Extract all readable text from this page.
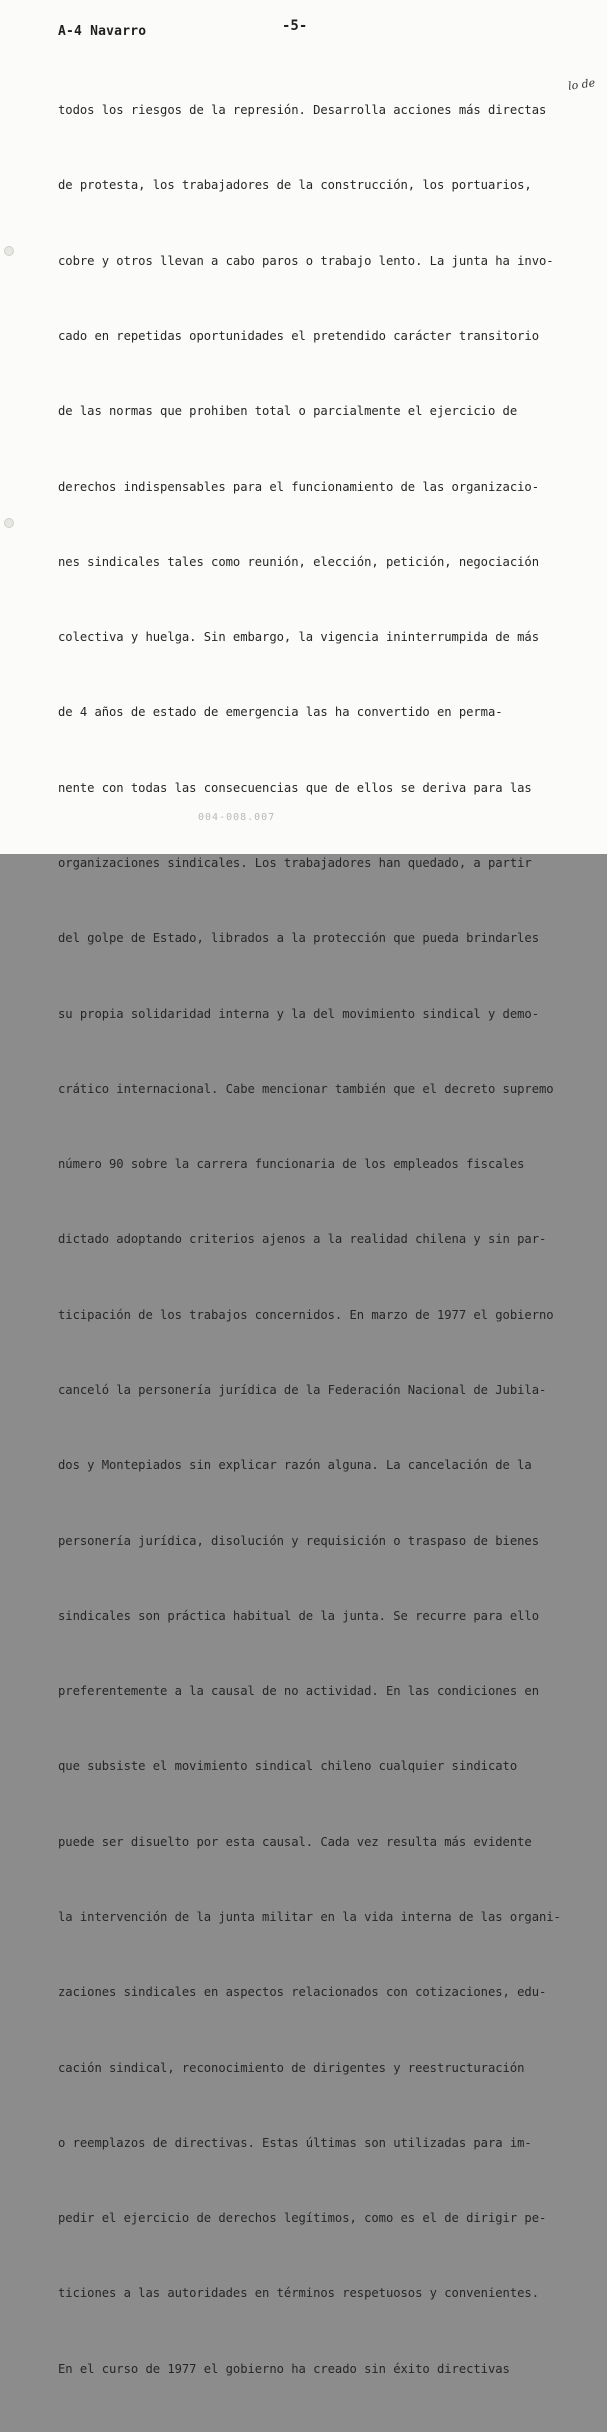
A-4 Navarro	-5-
lo de

todos los riesgos de la represión. Desarrolla acciones más directas

de protesta, los trabajadores de la construcción, los portuarios,

cobre y otros llevan a cabo paros o trabajo lento. La junta ha invo-

cado en repetidas oportunidades el pretendido carácter transitorio

de las normas que prohiben total o parcialmente el ejercicio de

derechos indispensables para el funcionamiento de las organizacio-

nes sindicales tales como reunión, elección, petición, negociación

colectiva y huelga. Sin embargo, la vigencia ininterrumpida de más

de 4 años de estado de emergencia las ha convertido en perma-

nente con todas las consecuencias que de ellos se deriva para las

organizaciones sindicales. Los trabajadores han quedado, a partir

del golpe de Estado, librados a la protección que pueda brindarles

su propia solidaridad interna y la del movimiento sindical y demo-

crático internacional. Cabe mencionar también que el decreto supremo

número 90 sobre la carrera funcionaria de los empleados fiscales

dictado adoptando criterios ajenos a la realidad chilena y sin par-

ticipación de los trabajos concernidos. En marzo de 1977 el gobierno

canceló la personería jurídica de la Federación Nacional de Jubila-

dos y Montepiados sin explicar razón alguna. La cancelación de la

personería jurídica, disolución y requisición o traspaso de bienes

sindicales son práctica habitual de la junta. Se recurre para ello

preferentemente a la causal de no actividad. En las condiciones en

que subsiste el movimiento sindical chileno cualquier sindicato

puede ser disuelto por esta causal. Cada vez resulta más evidente

la intervención de la junta militar en la vida interna de las organi-

zaciones sindicales en aspectos relacionados con cotizaciones, edu-

cación sindical, reconocimiento de dirigentes y reestructuración

o reemplazos de directivas. Estas últimas son utilizadas para im-

pedir el ejercicio de derechos legítimos, como es el de dirigir pe-

ticiones a las autoridades en términos respetuosos y convenientes.

En el curso de 1977 el gobierno ha creado sin éxito directivas

004-008.007
